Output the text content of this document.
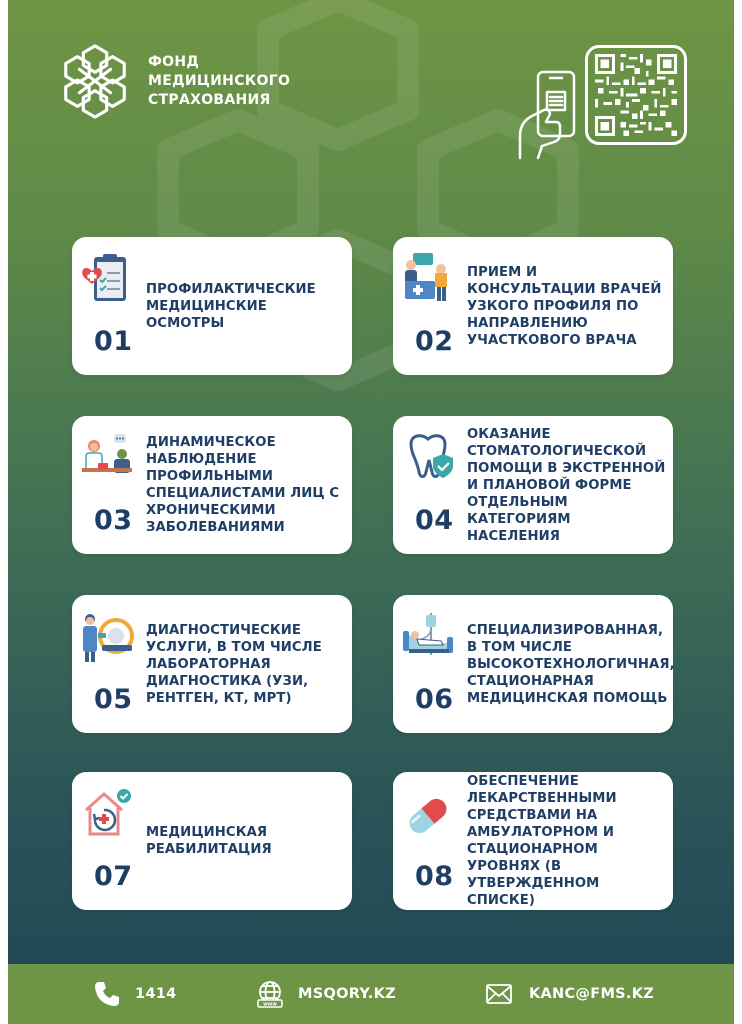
ФОНД
МЕДИЦИНСКОГО
СТРАХОВАНИЯ
01
ПРОФИЛАКТИЧЕСКИЕ МЕДИЦИНСКИЕ ОСМОТРЫ
02
ПРИЕМ И КОНСУЛЬТАЦИИ ВРАЧЕЙ УЗКОГО ПРОФИЛЯ ПО НАПРАВЛЕНИЮ УЧАСТКОВОГО ВРАЧА
03
ДИНАМИЧЕСКОЕ НАБЛЮДЕНИЕ ПРОФИЛЬНЫМИ СПЕЦИАЛИСТАМИ ЛИЦ С ХРОНИЧЕСКИМИ ЗАБОЛЕВАНИЯМИ	04
ОКАЗАНИЕ СТОМАТОЛОГИЧЕСКОЙ ПОМОЩИ В ЭКСТРЕННОЙ И ПЛАНОВОЙ ФОРМЕ ОТДЕЛЬНЫМ КАТЕГОРИЯМ НАСЕЛЕНИЯ
05
ДИАГНОСТИЧЕСКИЕ УСЛУГИ, В ТОМ ЧИСЛЕ ЛАБОРАТОРНАЯ ДИАГНОСТИКА (УЗИ, РЕНТГЕН, КТ, МРТ)	06
СПЕЦИАЛИЗИРОВАННАЯ, В ТОМ ЧИСЛЕ ВЫСОКОТЕХНОЛОГИЧНАЯ, СТАЦИОНАРНАЯ МЕДИЦИНСКАЯ ПОМОЩЬ
07
МЕДИЦИНСКАЯ РЕАБИЛИТАЦИЯ
08
ОБЕСПЕЧЕНИЕ ЛЕКАРСТВЕННЫМИ СРЕДСТВАМИ НА АМБУЛАТОРНОМ И СТАЦИОНАРНОМ УРОВНЯХ (В УТВЕРЖДЕННОМ СПИСКЕ)
1414
www
MSQORY.KZ	KANC@FMS.KZ
